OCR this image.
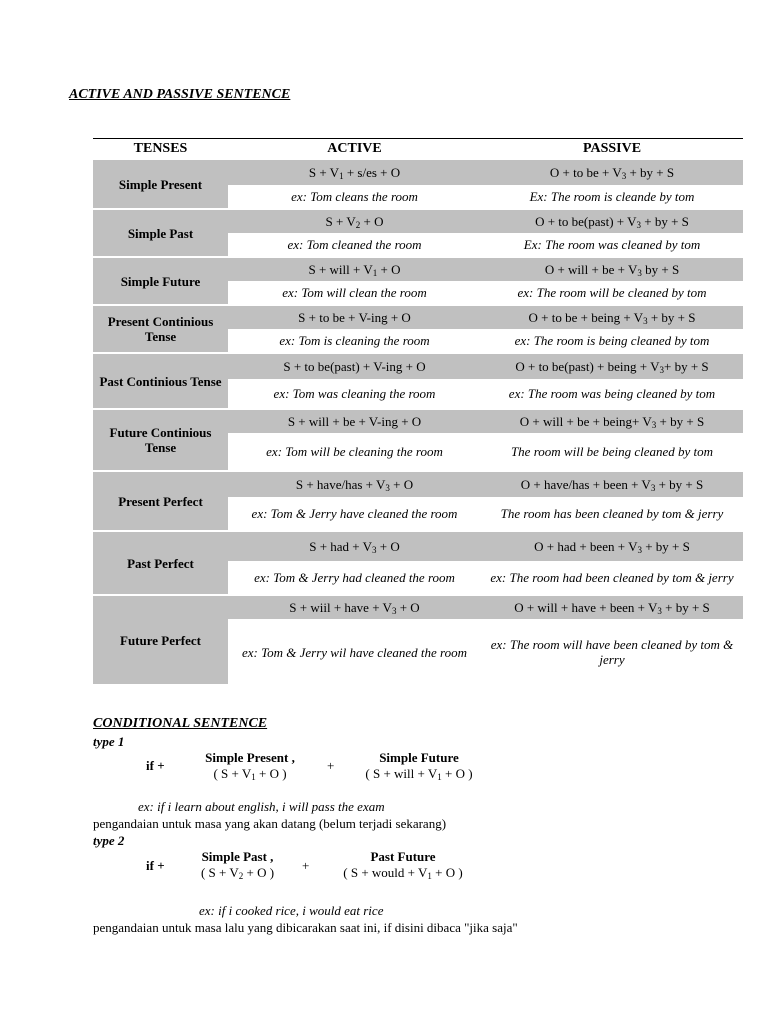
ACTIVE AND PASSIVE SENTENCE
TENSES	ACTIVE	PASSIVE
Simple Present	$S + V_1 + s/es + O$	O + to be + $V_3$ + by + S
	ex: Tom cleans the room	Ex: The room is cleande by tom
Simple Past	$S + V_2 + O$	O + to be(past) + $V_3$ + by + S
	ex: Tom cleaned the room	Ex: The room was cleaned by tom
Simple Future	S + will + $V_1 + O$	O + will + be + $V_3$ by + S
	ex: Tom will clean the room	ex: The room will be cleaned by tom
Present Continious Tense	S + to be + V-ing + O	O + to be + being + $V_3$ + by + S
	ex: Tom is cleaning the room	ex: The room is being cleaned by tom
Past Continious Tense	S + to be(past) + V-ing + O	O + to be(past) + being + $V_3+$ by + S
	ex: Tom was cleaning the room	ex: The room was being cleaned by tom
Future Continious Tense	S + will + be + V-ing + O	O + will + be + being+ $V_3$ + by + S
	ex: Tom will be cleaning the room	The room will be being cleaned by tom
Present Perfect	S + have/has + $V_3 + O$	O + have/has + been + $V_3$ + by + S
	ex: Tom & Jerry have cleaned the room	The room has been cleaned by tom & jerry
Past Perfect	S + had + $V_3 + O$	O + had + been + $V_3$ + by + S
	ex: Tom & Jerry had cleaned the room	ex: The room had been cleaned by tom & jerry
Future Perfect	S + wiil + have + $V_3 + O$	O + will + have + been + $V_3$ + by + S
	ex: Tom & Jerry wil have cleaned the room	ex: The room will have been cleaned by tom & jerry
CONDITIONAL SENTENCE
type 1
if +
Simple Present ,
( $S + V_1 + O$ )
+
Simple Future
( S + will + $V_1 + O$ )
ex: if i learn about english, i will pass the exam
pengandaian untuk masa yang akan datang (belum terjadi sekarang)
type 2
if +
Simple Past ,
( $S + V_2 + O$ )	+
Past Future
( S + would + $V_1 + O$ )
ex: if i cooked rice, i would eat rice
pengandaian untuk masa lalu yang dibicarakan saat ini, if disini dibaca "jika saja"
